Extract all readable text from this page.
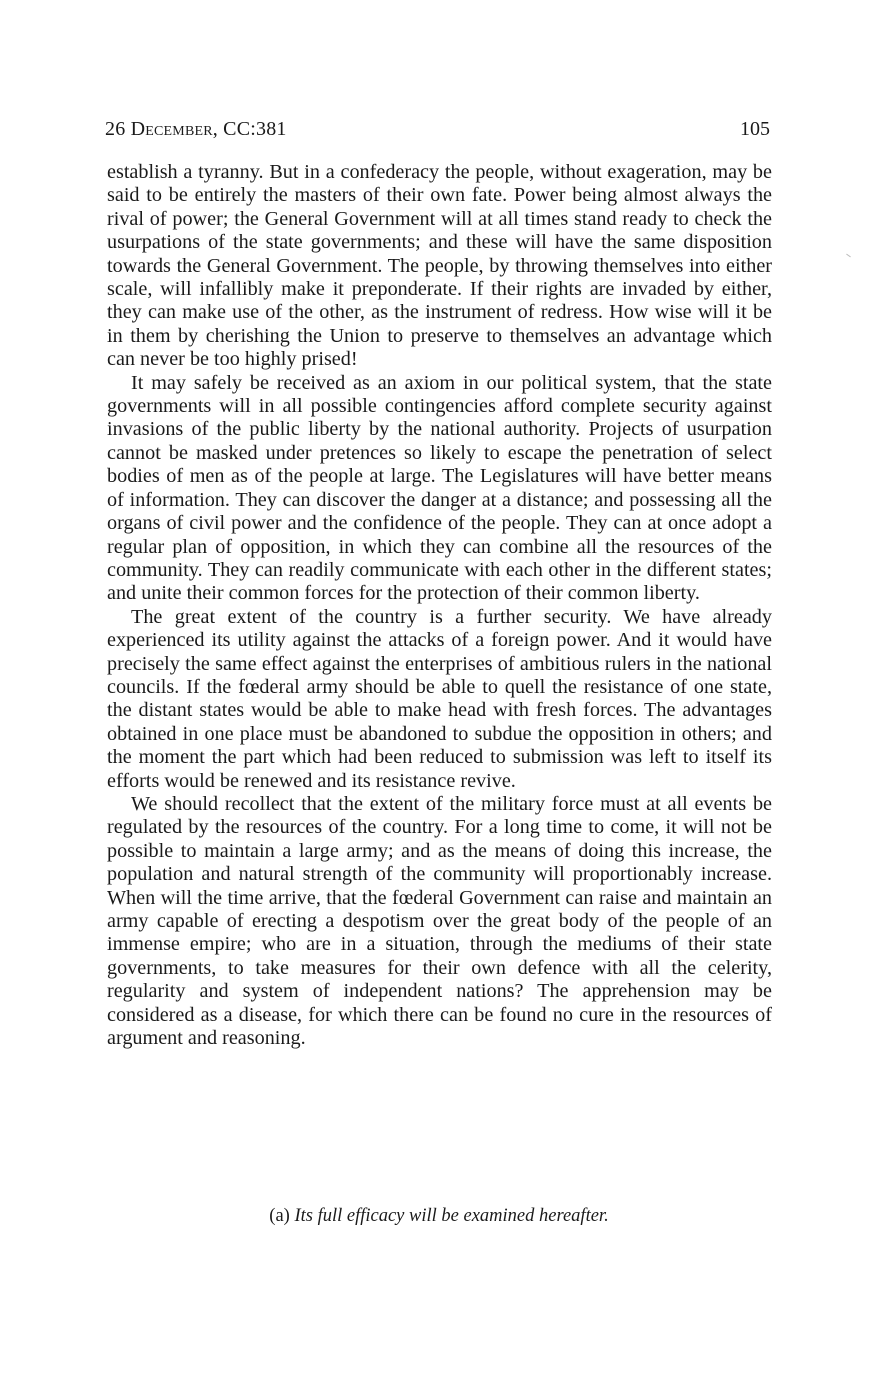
26 December, CC:381	105

establish a tyranny. But in a confederacy the people, without exageration, may be said to be entirely the masters of their own fate. Power being almost always the rival of power; the General Government will at all times stand ready to check the usurpations of the state governments; and these will have the same disposition towards the General Government. The people, by throwing themselves into either scale, will infallibly make it preponderate. If their rights are invaded by either, they can make use of the other, as the instrument of redress. How wise will it be in them by cherishing the Union to preserve to themselves an advantage which can never be too highly prised!

It may safely be received as an axiom in our political system, that the state governments will in all possible contingencies afford complete security against invasions of the public liberty by the national authority. Projects of usurpation cannot be masked under pretences so likely to escape the penetration of select bodies of men as of the people at large. The Legislatures will have better means of information. They can discover the danger at a distance; and possessing all the organs of civil power and the confidence of the people. They can at once adopt a regular plan of opposition, in which they can combine all the resources of the community. They can readily communicate with each other in the different states; and unite their common forces for the protection of their common liberty.

The great extent of the country is a further security. We have already experienced its utility against the attacks of a foreign power. And it would have precisely the same effect against the enterprises of ambitious rulers in the national councils. If the fœderal army should be able to quell the resistance of one state, the distant states would be able to make head with fresh forces. The advantages obtained in one place must be abandoned to subdue the opposition in others; and the moment the part which had been reduced to submission was left to itself its efforts would be renewed and its resistance revive.

We should recollect that the extent of the military force must at all events be regulated by the resources of the country. For a long time to come, it will not be possible to maintain a large army; and as the means of doing this increase, the population and natural strength of the community will proportionably increase. When will the time arrive, that the fœderal Government can raise and maintain an army capable of erecting a despotism over the great body of the people of an immense empire; who are in a situation, through the mediums of their state governments, to take measures for their own defence with all the celerity, regularity and system of independent nations? The apprehension may be considered as a disease, for which there can be found no cure in the resources of argument and reasoning.

(a) Its full efficacy will be examined hereafter.
